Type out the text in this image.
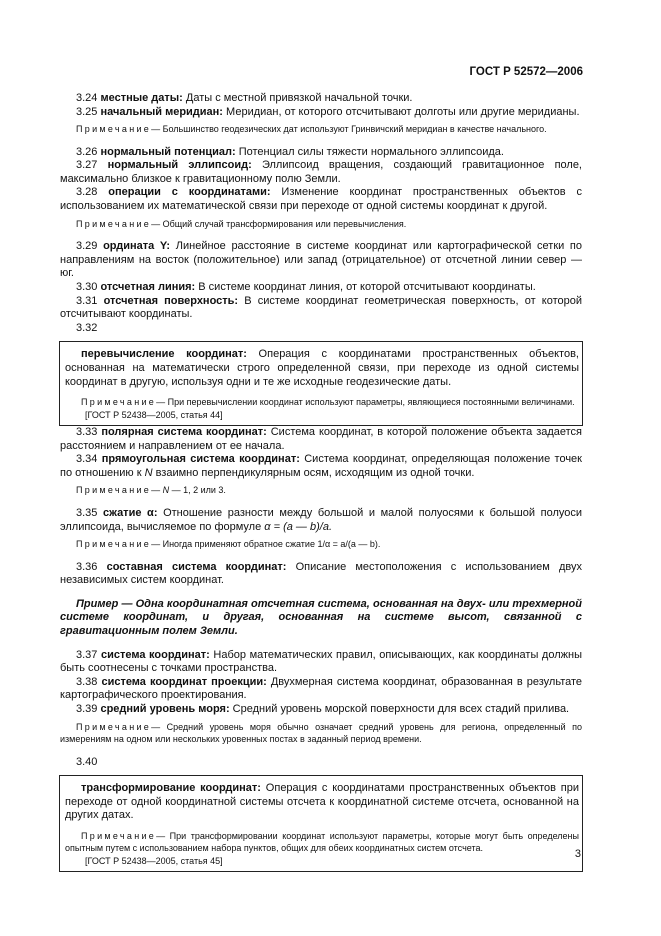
ГОСТ Р 52572—2006

3.24 местные даты: Даты с местной привязкой начальной точки.

3.25 начальный меридиан: Меридиан, от которого отсчитывают долготы или другие меридианы.

Примечание— Большинство геодезических дат используют Гринвичский меридиан в качестве начального.

3.26 нормальный потенциал: Потенциал силы тяжести нормального эллипсоида.

3.27 нормальный эллипсоид: Эллипсоид вращения, создающий гравитационное поле, максимально близкое к гравитационному полю Земли.

3.28 операции с координатами: Изменение координат пространственных объектов с использованием их математической связи при переходе от одной системы координат к другой.

Примечание— Общий случай трансформирования или перевычисления.

3.29 ордината Y: Линейное расстояние в системе координат или картографической сетки по направлениям на восток (положительное) или запад (отрицательное) от отсчетной линии север — юг.

3.30 отсчетная линия: В системе координат линия, от которой отсчитывают координаты.

3.31 отсчетная поверхность: В системе координат геометрическая поверхность, от которой отсчитывают координаты.

3.32

перевычисление координат: Операция с координатами пространственных объектов, основанная на математически строго определенной связи, при переходе из одной системы координат в другую, используя одни и те же исходные геодезические даты.

Примечание— При перевычислении координат используют параметры, являющиеся постоянными величинами.

[ГОСТ Р 52438—2005, статья 44]

3.33 полярная система координат: Система координат, в которой положение объекта задается расстоянием и направлением от ее начала.

3.34 прямоугольная система координат: Система координат, определяющая положение точек по отношению к N взаимно перпендикулярным осям, исходящим из одной точки.

Примечание— N — 1, 2 или 3.

3.35 сжатие α: Отношение разности между большой и малой полуосями к большой полуоси эллипсоида, вычисляемое по формуле α = (a — b)/a.

Примечание— Иногда применяют обратное сжатие 1/α = a/(a — b).

3.36 составная система координат: Описание местоположения с использованием двух независимых систем координат.

Пример — Одна координатная отсчетная система, основанная на двух- или трехмерной системе координат, и другая, основанная на системе высот, связанной с гравитационным полем Земли.

3.37 система координат: Набор математических правил, описывающих, как координаты должны быть соотнесены с точками пространства.

3.38 система координат проекции: Двухмерная система координат, образованная в результате картографического проектирования.

3.39 средний уровень моря: Средний уровень морской поверхности для всех стадий прилива.

Примечание— Средний уровень моря обычно означает средний уровень для региона, определенный по измерениям на одном или нескольких уровенных постах в заданный период времени.

3.40

трансформирование координат: Операция с координатами пространственных объектов при переходе от одной координатной системы отсчета к координатной системе отсчета, основанной на других датах.

Примечание— При трансформировании координат используют параметры, которые могут быть определены опытным путем с использованием набора пунктов, общих для обеих координатных систем отсчета.

[ГОСТ Р 52438—2005, статья 45]

3
